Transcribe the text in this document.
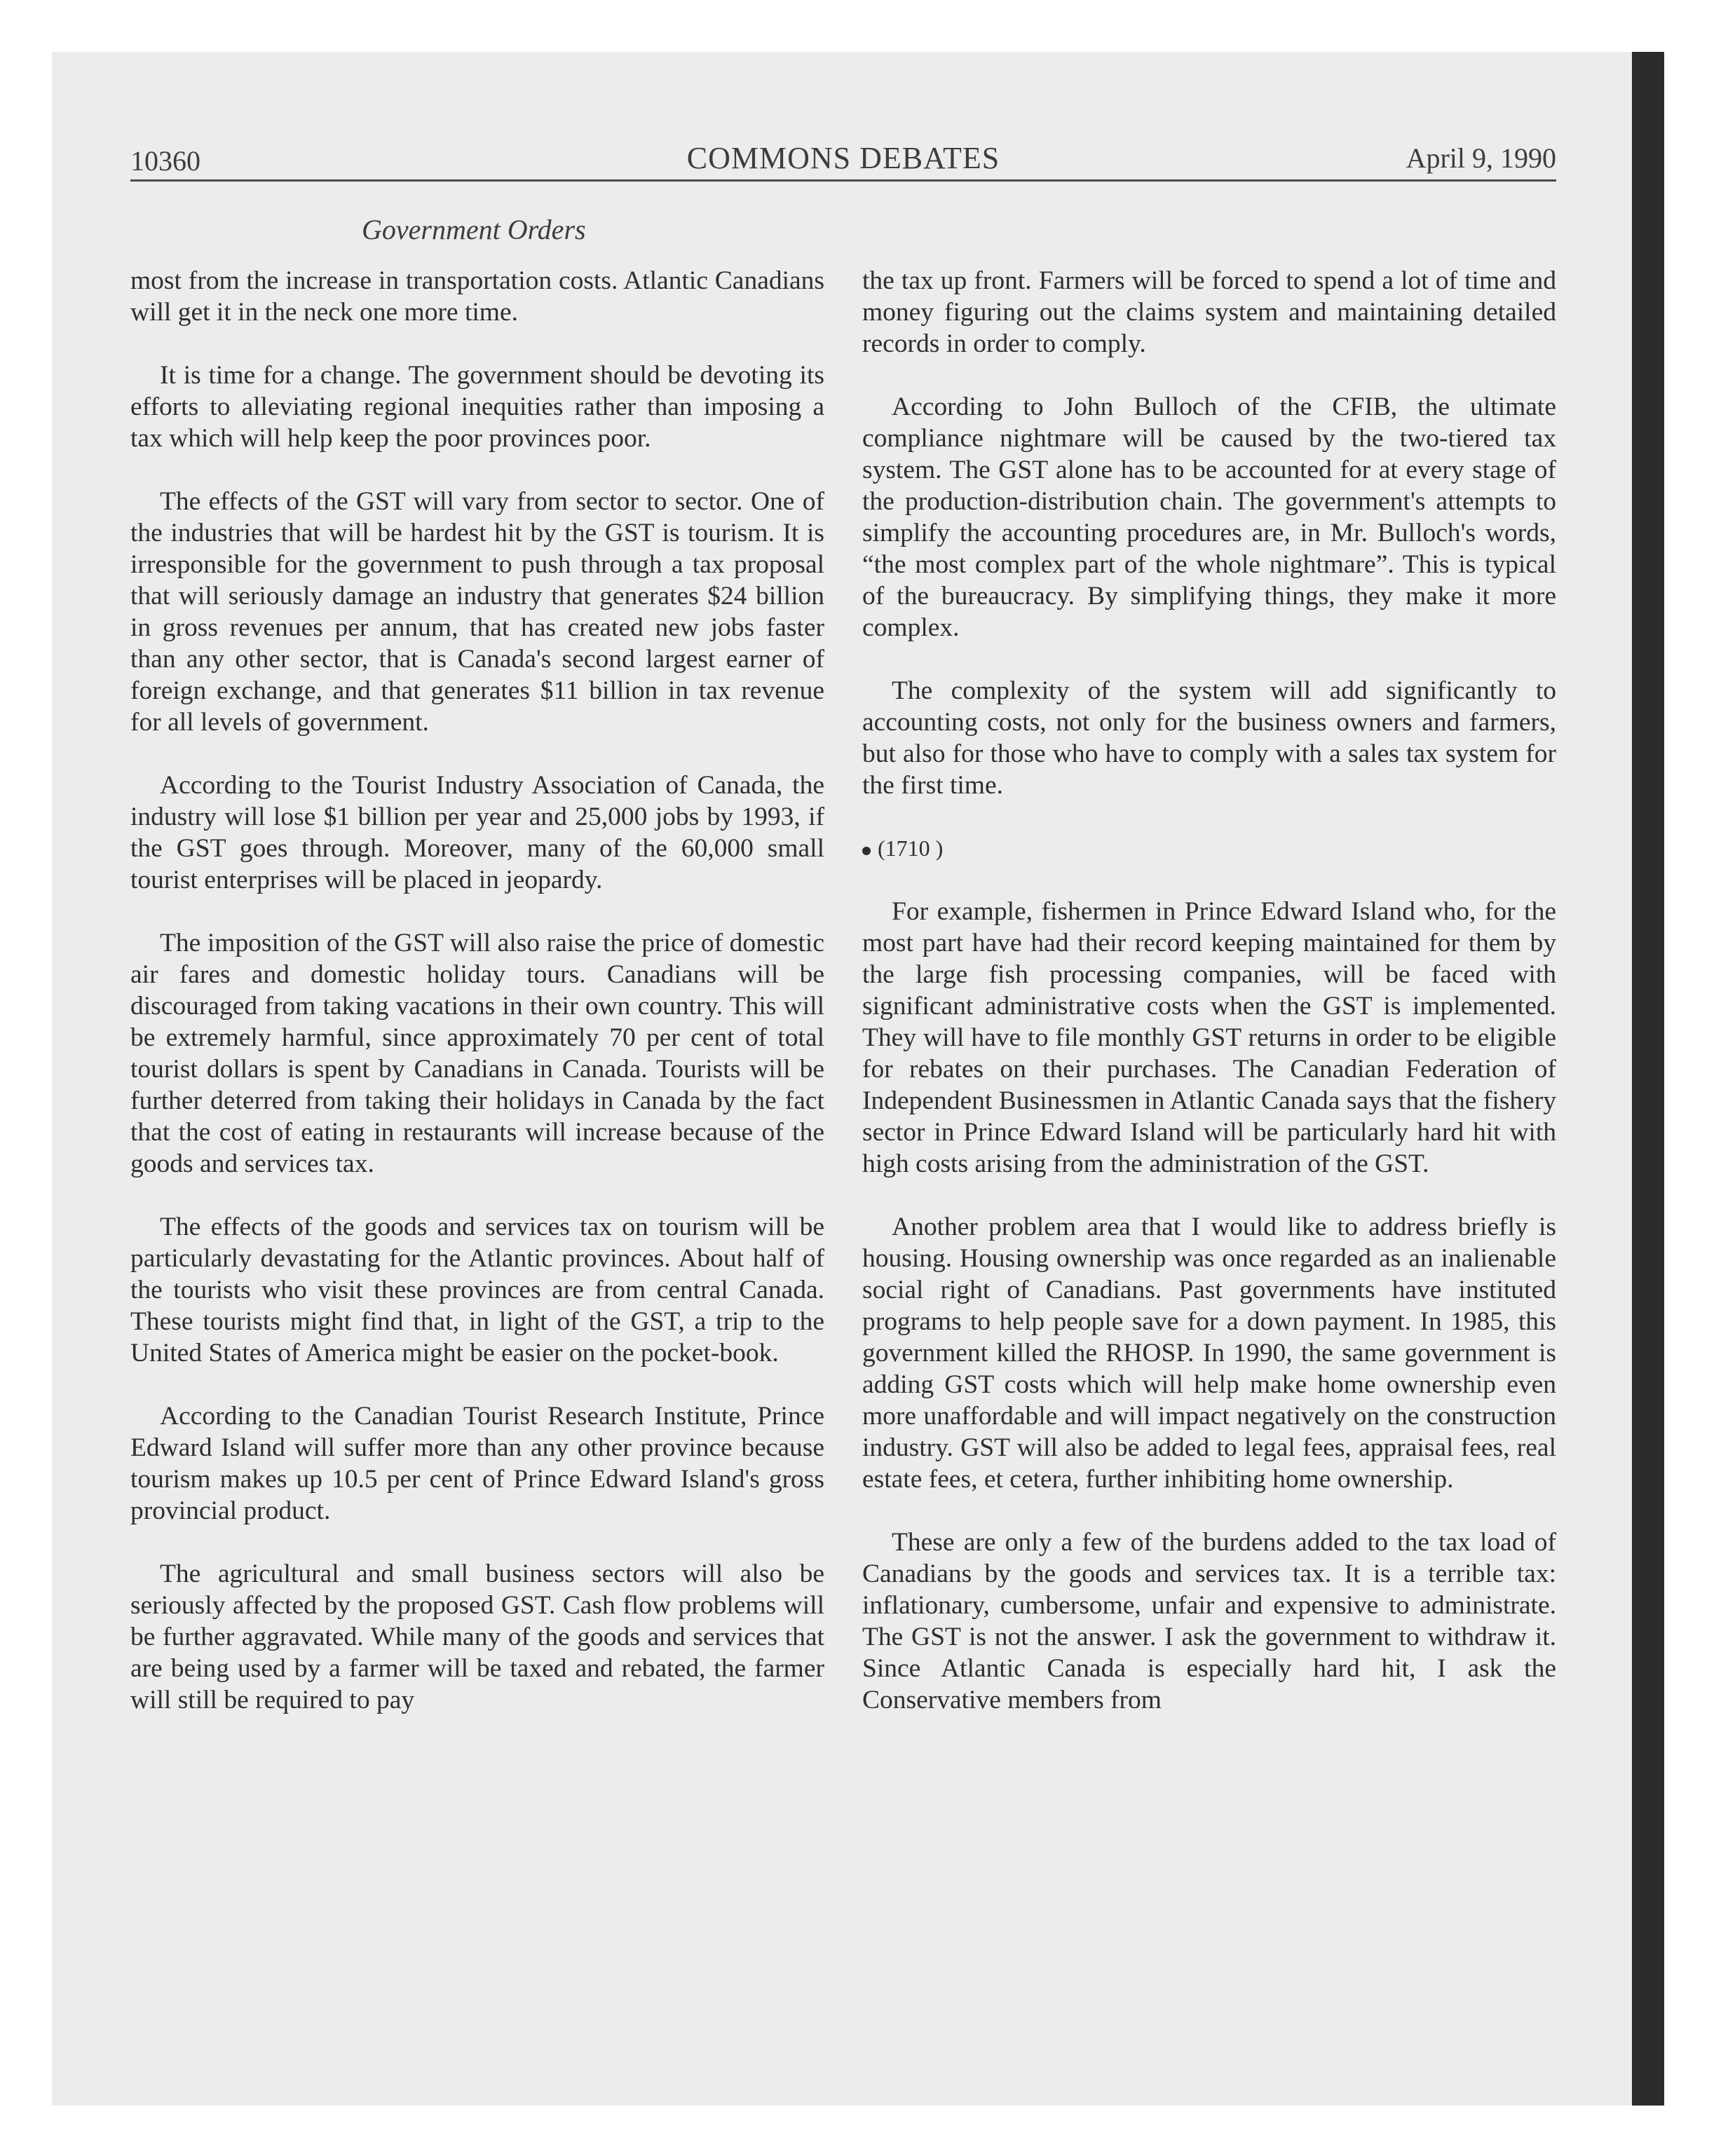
10360	COMMONS DEBATES	April 9, 1990
Government Orders

most from the increase in transportation costs. Atlantic Canadians will get it in the neck one more time.

It is time for a change. The government should be devoting its efforts to alleviating regional inequities rather than imposing a tax which will help keep the poor provinces poor.

The effects of the GST will vary from sector to sector. One of the industries that will be hardest hit by the GST is tourism. It is irresponsible for the government to push through a tax proposal that will seriously damage an industry that generates $24 billion in gross revenues per annum, that has created new jobs faster than any other sector, that is Canada's second largest earner of foreign exchange, and that generates $11 billion in tax revenue for all levels of government.

According to the Tourist Industry Association of Canada, the industry will lose $1 billion per year and 25,000 jobs by 1993, if the GST goes through. Moreover, many of the 60,000 small tourist enterprises will be placed in jeopardy.

The imposition of the GST will also raise the price of domestic air fares and domestic holiday tours. Canadians will be discouraged from taking vacations in their own country. This will be extremely harmful, since approximately 70 per cent of total tourist dollars is spent by Canadians in Canada. Tourists will be further deterred from taking their holidays in Canada by the fact that the cost of eating in restaurants will increase because of the goods and services tax.

The effects of the goods and services tax on tourism will be particularly devastating for the Atlantic provinces. About half of the tourists who visit these provinces are from central Canada. These tourists might find that, in light of the GST, a trip to the United States of America might be easier on the pocket-book.

According to the Canadian Tourist Research Institute, Prince Edward Island will suffer more than any other province because tourism makes up 10.5 per cent of Prince Edward Island's gross provincial product.

The agricultural and small business sectors will also be seriously affected by the proposed GST. Cash flow problems will be further aggravated. While many of the goods and services that are being used by a farmer will be taxed and rebated, the farmer will still be required to pay

the tax up front. Farmers will be forced to spend a lot of time and money figuring out the claims system and maintaining detailed records in order to comply.

According to John Bulloch of the CFIB, the ultimate compliance nightmare will be caused by the two-tiered tax system. The GST alone has to be accounted for at every stage of the production-distribution chain. The government's attempts to simplify the accounting procedures are, in Mr. Bulloch's words, “the most complex part of the whole nightmare”. This is typical of the bureaucracy. By simplifying things, they make it more complex.

The complexity of the system will add significantly to accounting costs, not only for the business owners and farmers, but also for those who have to comply with a sales tax system for the first time.

(1710 )

For example, fishermen in Prince Edward Island who, for the most part have had their record keeping maintained for them by the large fish processing companies, will be faced with significant administrative costs when the GST is implemented. They will have to file monthly GST returns in order to be eligible for rebates on their purchases. The Canadian Federation of Independent Businessmen in Atlantic Canada says that the fishery sector in Prince Edward Island will be particularly hard hit with high costs arising from the administration of the GST.

Another problem area that I would like to address briefly is housing. Housing ownership was once regarded as an inalienable social right of Canadians. Past governments have instituted programs to help people save for a down payment. In 1985, this government killed the RHOSP. In 1990, the same government is adding GST costs which will help make home ownership even more unaffordable and will impact negatively on the construction industry. GST will also be added to legal fees, appraisal fees, real estate fees, et cetera, further inhibiting home ownership.

These are only a few of the burdens added to the tax load of Canadians by the goods and services tax. It is a terrible tax: inflationary, cumbersome, unfair and expensive to administrate. The GST is not the answer. I ask the government to withdraw it. Since Atlantic Canada is especially hard hit, I ask the Conservative members from
